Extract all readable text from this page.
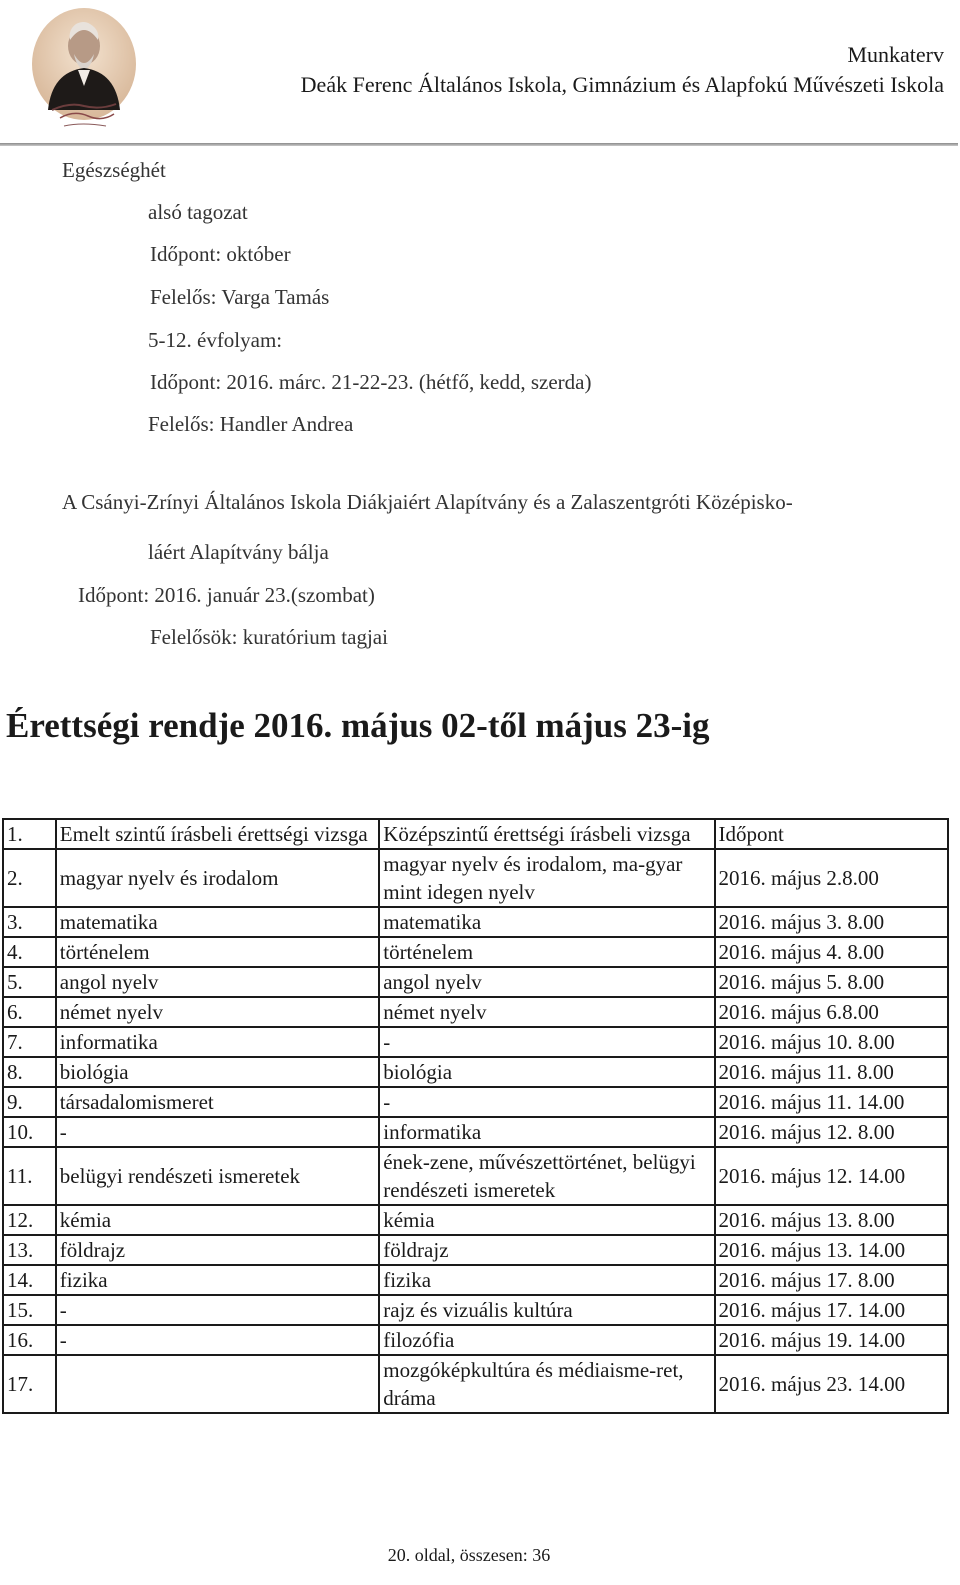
Munkaterv
Deák Ferenc Általános Iskola, Gimnázium és Alapfokú Művészeti Iskola
Egészséghét
alsó tagozat
Időpont: október
Felelős: Varga Tamás
5-12. évfolyam:
Időpont: 2016. márc. 21-22-23. (hétfő, kedd, szerda)
Felelős: Handler Andrea
A Csányi-Zrínyi Általános Iskola Diákjaiért Alapítvány és a Zalaszentgróti Középisko-
láért Alapítvány bálja
Időpont: 2016. január 23.(szombat)
Felelősök: kuratórium tagjai
Érettségi rendje 2016. május 02-től május 23-ig
1.	Emelt szintű írásbeli érettségi vizsga	Középszintű érettségi írásbeli vizsga	Időpont
2.	magyar nyelv és irodalom	magyar nyelv és irodalom, ma-gyar mint idegen nyelv	2016. május 2.8.00
3.	matematika	matematika	2016. május 3. 8.00
4.	történelem	történelem	2016. május 4. 8.00
5.	angol nyelv	angol nyelv	2016. május 5. 8.00
6.	német nyelv	német nyelv	2016. május 6.8.00
7.	informatika	-	2016. május 10. 8.00
8.	biológia	biológia	2016. május 11. 8.00
9.	társadalomismeret	-	2016. május 11. 14.00
10.	-	informatika	2016. május 12. 8.00
11.	belügyi rendészeti ismeretek	ének-zene, művészettörténet, belügyi rendészeti ismeretek	2016. május 12. 14.00
12.	kémia	kémia	2016. május 13. 8.00
13.	földrajz	földrajz	2016. május 13. 14.00
14.	fizika	fizika	2016. május 17. 8.00
15.	-	rajz és vizuális kultúra	2016. május 17. 14.00
16.	-	filozófia	2016. május 19. 14.00
17.		mozgóképkultúra és médiaisme-ret, dráma	2016. május 23. 14.00
20. oldal, összesen: 36
